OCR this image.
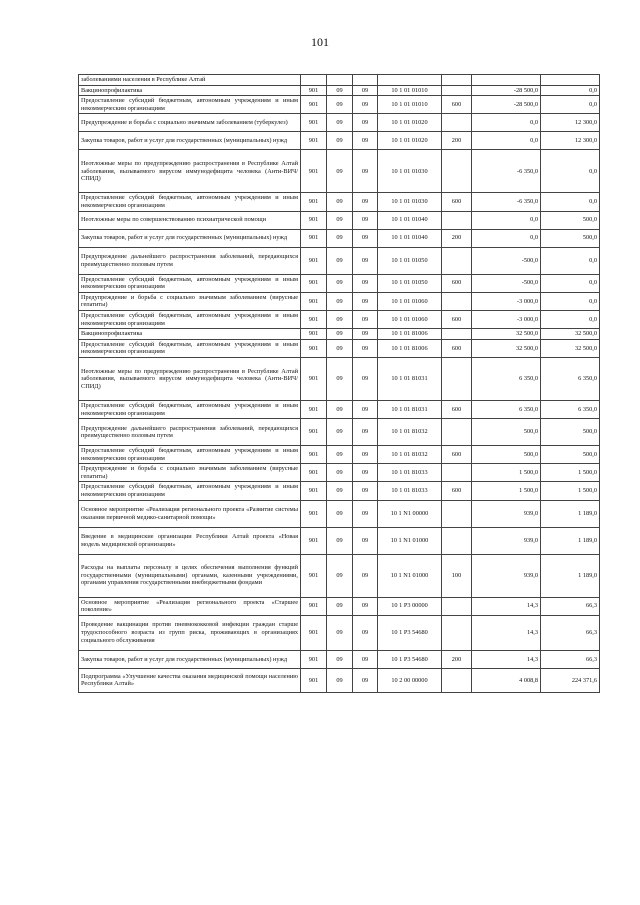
101
заболеваниями населения в Республике Алтай							
Вакцинопрофилактика	901	09	09	10 1 01 01010		-28 500,0	0,0
Предоставление субсидий бюджетным, автономным учреждениям и иным некоммерческим организациям	901	09	09	10 1 01 01010	600	-28 500,0	0,0
Предупреждение и борьба с социально значимым заболеванием (туберкулез)	901	09	09	10 1 01 01020		0,0	12 300,0
Закупка товаров, работ и услуг для государственных (муниципальных) нужд	901	09	09	10 1 01 01020	200	0,0	12 300,0
Неотложные меры по предупреждению распространения в Республике Алтай заболевания, вызываемого вирусом иммунодефицита человека (Анти-ВИЧ/СПИД)	901	09	09	10 1 01 01030		-6 350,0	0,0
Предоставление субсидий бюджетным, автономным учреждениям и иным некоммерческим организациям	901	09	09	10 1 01 01030	600	-6 350,0	0,0
Неотложные меры по совершенствованию психиатрической помощи	901	09	09	10 1 01 01040		0,0	500,0
Закупка товаров, работ и услуг для государственных (муниципальных) нужд	901	09	09	10 1 01 01040	200	0,0	500,0
Предупреждение дальнейшего распространения заболеваний, передающихся преимущественно половым путем	901	09	09	10 1 01 01050		-500,0	0,0
Предоставление субсидий бюджетным, автономным учреждениям и иным некоммерческим организациям	901	09	09	10 1 01 01050	600	-500,0	0,0
Предупреждение и борьба с социально значимым заболеванием (вирусные гепатиты)	901	09	09	10 1 01 01060		-3 000,0	0,0
Предоставление субсидий бюджетным, автономным учреждениям и иным некоммерческим организациям	901	09	09	10 1 01 01060	600	-3 000,0	0,0
Вакцинопрофилактика	901	09	09	10 1 01 81006		32 500,0	32 500,0
Предоставление субсидий бюджетным, автономным учреждениям и иным некоммерческим организациям	901	09	09	10 1 01 81006	600	32 500,0	32 500,0
Неотложные меры по предупреждению распространения в Республике Алтай заболевания, вызываемого вирусом иммунодефицита человека (Анти-ВИЧ/СПИД)	901	09	09	10 1 01 81031		6 350,0	6 350,0
Предоставление субсидий бюджетным, автономным учреждениям и иным некоммерческим организациям	901	09	09	10 1 01 81031	600	6 350,0	6 350,0
Предупреждение дальнейшего распространения заболеваний, передающихся преимущественно половым путем	901	09	09	10 1 01 81032		500,0	500,0
Предоставление субсидий бюджетным, автономным учреждениям и иным некоммерческим организациям	901	09	09	10 1 01 81032	600	500,0	500,0
Предупреждение и борьба с социально значимым заболеванием (вирусные гепатиты)	901	09	09	10 1 01 81033		1 500,0	1 500,0
Предоставление субсидий бюджетным, автономным учреждениям и иным некоммерческим организациям	901	09	09	10 1 01 81033	600	1 500,0	1 500,0
Основное мероприятие «Реализация регионального проекта «Развитие системы оказания первичной медико-санитарной помощи»	901	09	09	10 1 N1 00000		939,0	1 189,0
Введение в медицинские организации Республики Алтай проекта «Новая модель медицинской организации»	901	09	09	10 1 N1 01000		939,0	1 189,0
Расходы на выплаты персоналу в целях обеспечения выполнения функций государственными (муниципальными) органами, казенными учреждениями, органами управления государственными внебюджетными фондами	901	09	09	10 1 N1 01000	100	939,0	1 189,0
Основное мероприятие «Реализация регионального проекта «Старшее поколение»	901	09	09	10 1 P3 00000		14,3	66,3
Проведение вакцинации против пневмококковой инфекции граждан старше трудоспособного возраста из групп риска, проживающих в организациях социального обслуживания	901	09	09	10 1 P3 54680		14,3	66,3
Закупка товаров, работ и услуг для государственных (муниципальных) нужд	901	09	09	10 1 P3 54680	200	14,3	66,3
Подпрограмма «Улучшение качества оказания медицинской помощи населению Республики Алтай»	901	09	09	10 2 00 00000		4 008,8	224 371,6
